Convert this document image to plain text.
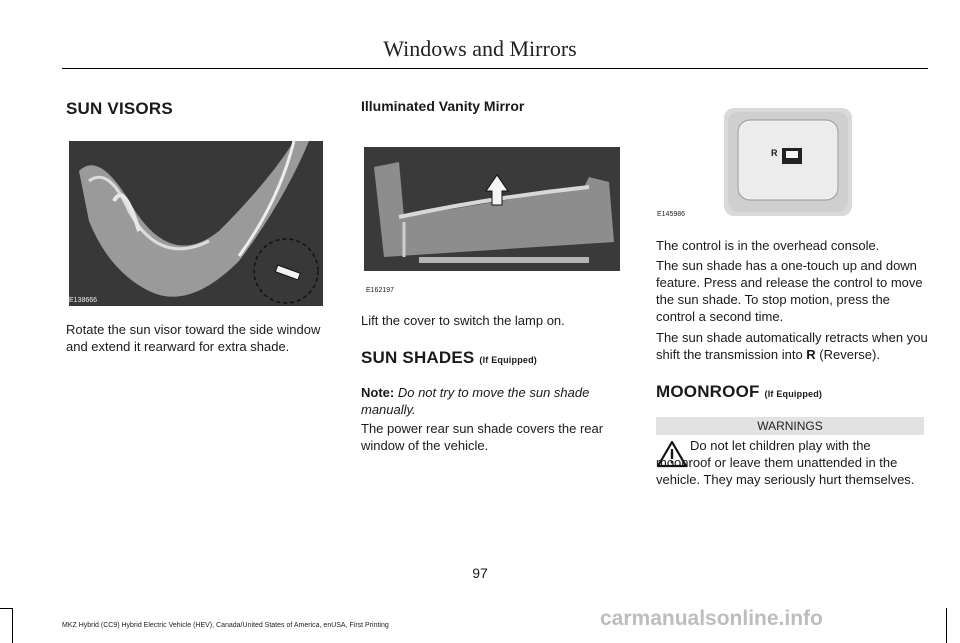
Windows and Mirrors
SUN VISORS
E138666
Rotate the sun visor toward the side window and extend it rearward for extra shade.
Illuminated Vanity Mirror
E162197
Lift the cover to switch the lamp on.
SUN SHADES (If Equipped)
Note: Do not try to move the sun shade manually.
The power rear sun shade covers the rear window of the vehicle.
R
E145986
The control is in the overhead console.
The sun shade has a one-touch up and down feature. Press and release the control to move the sun shade. To stop motion, press the control a second time.
The sun shade automatically retracts when you shift the transmission into R (Reverse).
MOONROOF (If Equipped)
WARNINGS
Do not let children play with the moonroof or leave them unattended in the vehicle. They may seriously hurt themselves.
97
MKZ Hybrid (CC9) Hybrid Electric Vehicle (HEV), Canada/United States of America, enUSA, First Printing	carmanualsonline.info
